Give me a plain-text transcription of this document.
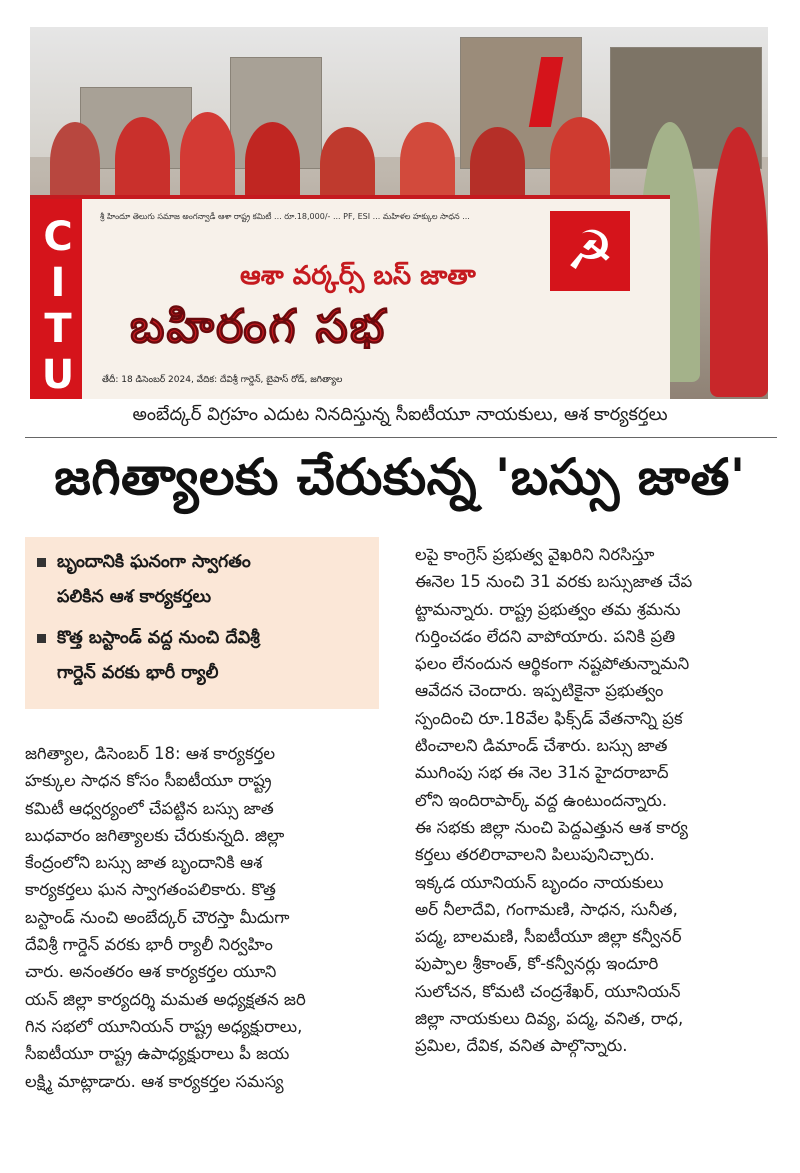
CITU శ్రీ హిందూ తెలుగు సమాజ అంగన్వాడీ ఆశా రాష్ట్ర కమిటీ ... రూ.18,000/- ... PF, ESI ... మహిళల హక్కుల సాధన ...
☭
ఆశా వర్కర్స్ బస్ జాతా
బహిరంగ సభ
తేదీ: 18 డిసెంబర్ 2024, వేదిక: దేవిశ్రీ గార్డెన్, బైపాస్ రోడ్, జగిత్యాల
అంబేద్కర్ విగ్రహం ఎదుట నినదిస్తున్న సీఐటీయూ నాయకులు, ఆశ కార్యకర్తలు
జగిత్యాలకు చేరుకున్న 'బస్సు జాత'
బృందానికి ఘనంగా స్వాగతం
పలికిన ఆశ కార్యకర్తలు
కొత్త బస్టాండ్ వద్ద నుంచి దేవిశ్రీ
గార్డెన్ వరకు భారీ ర్యాలీ
జగిత్యాల, డిసెంబర్ 18: ఆశ కార్యకర్తల
హక్కుల సాధన కోసం సీఐటీయూ రాష్ట్ర
కమిటీ ఆధ్వర్యంలో చేపట్టిన బస్సు జాత
బుధవారం జగిత్యాలకు చేరుకున్నది. జిల్లా
కేంద్రంలోని బస్సు జాత బృందానికి ఆశ
కార్యకర్తలు ఘన స్వాగతంపలికారు. కొత్త
బస్టాండ్ నుంచి అంబేద్కర్ చౌరస్తా మీదుగా
దేవిశ్రీ గార్డెన్ వరకు భారీ ర్యాలీ నిర్వహిం
చారు. అనంతరం ఆశ కార్యకర్తల యూని
యన్ జిల్లా కార్యదర్శి మమత అధ్యక్షతన జరి
గిన సభలో యూనియన్ రాష్ట్ర అధ్యక్షురాలు,
సీఐటీయూ రాష్ట్ర ఉపాధ్యక్షురాలు పీ జయ
లక్ష్మి మాట్లాడారు. ఆశ కార్యకర్తల సమస్య
లపై కాంగ్రెస్ ప్రభుత్వ వైఖరిని నిరసిస్తూ
ఈనెల 15 నుంచి 31 వరకు బస్సుజాత చేప
ట్టామన్నారు. రాష్ట్ర ప్రభుత్వం తమ శ్రమను
గుర్తించడం లేదని వాపోయారు. పనికి ప్రతి
ఫలం లేనందున ఆర్థికంగా నష్టపోతున్నామని
ఆవేదన చెందారు. ఇప్పటికైనా ప్రభుత్వం
స్పందించి రూ.18వేల ఫిక్స్‌డ్ వేతనాన్ని ప్రక
టించాలని డిమాండ్ చేశారు. బస్సు జాత
ముగింపు సభ ఈ నెల 31న హైదరాబాద్
లోని ఇందిరాపార్క్ వద్ద ఉంటుందన్నారు.
ఈ సభకు జిల్లా నుంచి పెద్దఎత్తున ఆశ కార్య
కర్తలు తరలిరావాలని పిలుపునిచ్చారు.
ఇక్కడ యూనియన్ బృందం నాయకులు
అర్ నీలాదేవి, గంగామణి, సాధన, సునీత,
పద్మ, బాలమణి, సీఐటీయూ జిల్లా కన్వీనర్
పుప్పాల శ్రీకాంత్, కో-కన్వీనర్లు ఇందూరి
సులోచన, కోమటి చంద్రశేఖర్, యూనియన్
జిల్లా నాయకులు దివ్య, పద్మ, వనిత, రాధ,
ప్రమిల, దేవిక, వనిత పాల్గొన్నారు.
